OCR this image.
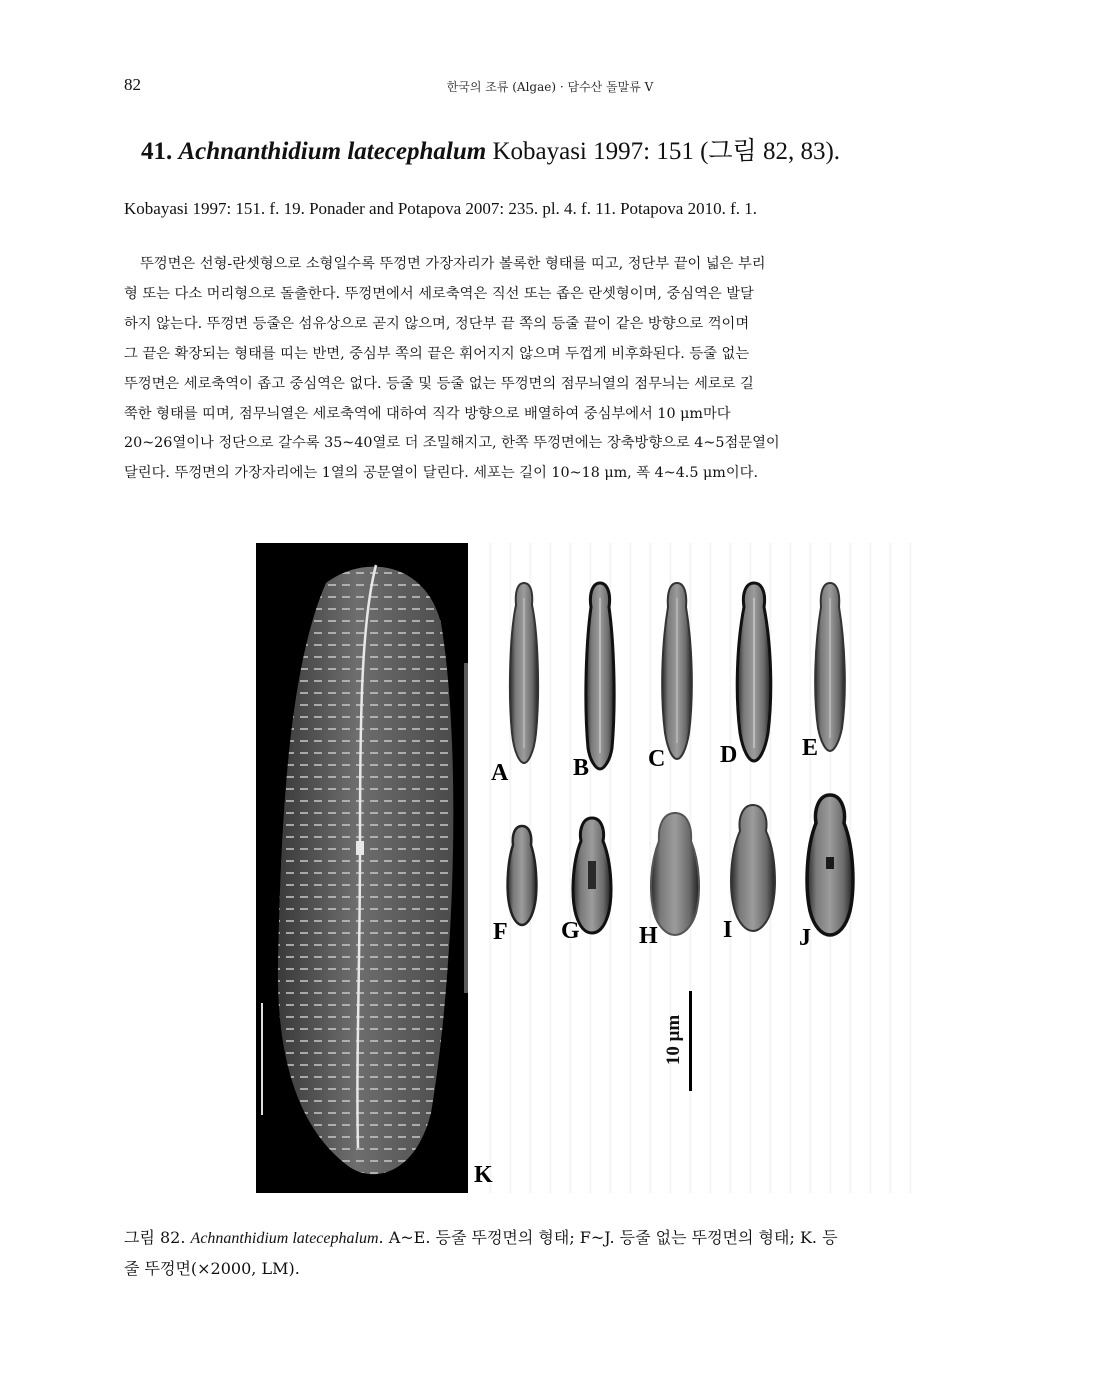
82	한국의 조류 (Algae) · 담수산 돌말류 V
41. Achnanthidium latecephalum Kobayasi 1997: 151 (그림 82, 83).
Kobayasi 1997: 151. f. 19. Ponader and Potapova 2007: 235. pl. 4. f. 11. Potapova 2010. f. 1.
뚜껑면은 선형-란셋형으로 소형일수록 뚜껑면 가장자리가 볼록한 형태를 띠고, 정단부 끝이 넓은 부리
형 또는 다소 머리형으로 돌출한다. 뚜껑면에서 세로축역은 직선 또는 좁은 란셋형이며, 중심역은 발달
하지 않는다. 뚜껑면 등줄은 섬유상으로 곧지 않으며, 정단부 끝 쪽의 등줄 끝이 같은 방향으로 꺽이며
그 끝은 확장되는 형태를 띠는 반면, 중심부 쪽의 끝은 휘어지지 않으며 두껍게 비후화된다. 등줄 없는
뚜껑면은 세로축역이 좁고 중심역은 없다. 등줄 및 등줄 없는 뚜껑면의 점무늬열의 점무늬는 세로로 길
쭉한 형태를 띠며, 점무늬열은 세로축역에 대하여 직각 방향으로 배열하여 중심부에서 10 μm마다
20~26열이나 정단으로 갈수록 35~40열로 더 조밀해지고, 한쪽 뚜껑면에는 장축방향으로 4~5점문열이
달린다. 뚜껑면의 가장자리에는 1열의 공문열이 달린다. 세포는 길이 10~18 μm, 폭 4~4.5 μm이다.
A	B C D	E
F G H	I	J
K
10 μm
그림 82. Achnanthidium latecephalum. A~E. 등줄 뚜껑면의 형태; F~J. 등줄 없는 뚜껑면의 형태; K. 등
줄 뚜껑면(×2000, LM).
